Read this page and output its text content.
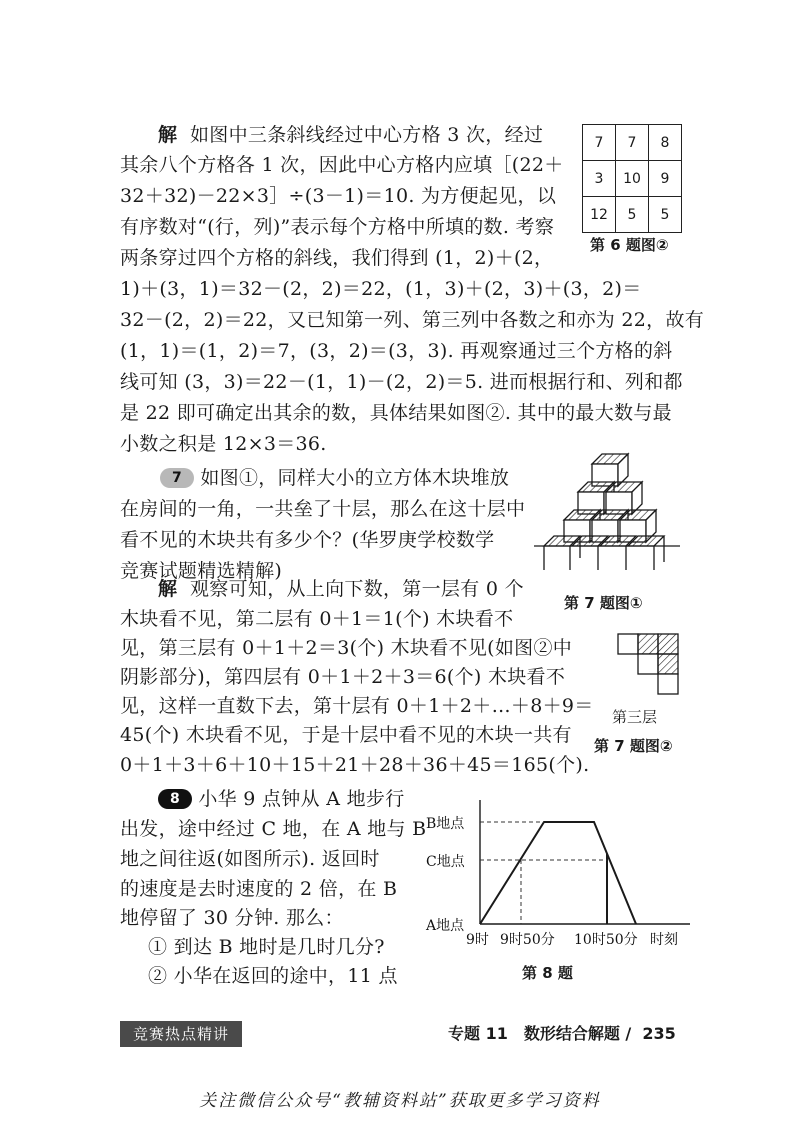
解 如图中三条斜线经过中心方格 3 次，经过
其余八个方格各 1 次，因此中心方格内应填［(22＋
32＋32)－22×3］÷(3－1)＝10. 为方便起见，以
有序数对“(行，列)”表示每个方格中所填的数. 考察
两条穿过四个方格的斜线，我们得到 (1，2)＋(2，
1)＋(3，1)＝32－(2，2)＝22，(1，3)＋(2，3)＋(3，2)＝
32－(2，2)＝22，又已知第一列、第三列中各数之和亦为 22，故有
(1，1)＝(1，2)＝7，(3，2)＝(3，3). 再观察通过三个方格的斜
线可知 (3，3)＝22－(1，1)－(2，2)＝5. 进而根据行和、列和都
是 22 即可确定出其余的数，具体结果如图②. 其中的最大数与最
小数之积是 12×3＝36.
7	7	8
3	10	9
12	5	5
第 6 题图②
7 如图①，同样大小的立方体木块堆放
在房间的一角，一共垒了十层，那么在这十层中
看不见的木块共有多少个？(华罗庚学校数学
竞赛试题精选精解)
第 7 题图①
解 观察可知，从上向下数，第一层有 0 个
木块看不见，第二层有 0＋1＝1(个) 木块看不
见，第三层有 0＋1＋2＝3(个) 木块看不见(如图②中
阴影部分)，第四层有 0＋1＋2＋3＝6(个) 木块看不
见，这样一直数下去，第十层有 0＋1＋2＋…＋8＋9＝
45(个) 木块看不见，于是十层中看不见的木块一共有
0＋1＋3＋6＋10＋15＋21＋28＋36＋45＝165(个).
第三层
第 7 题图②
8 小华 9 点钟从 A 地步行
出发，途中经过 C 地，在 A 地与 B
地之间往返(如图所示). 返回时
的速度是去时速度的 2 倍，在 B
地停留了 30 分钟. 那么：
① 到达 B 地时是几时几分?
② 小华在返回的途中，11 点
B地点
C地点
A地点
9时 9时50分 10时50分 时刻
第 8 题
竞赛热点精讲	专题 11　数形结合解题 / 235
关注微信公众号“教辅资料站”获取更多学习资料
